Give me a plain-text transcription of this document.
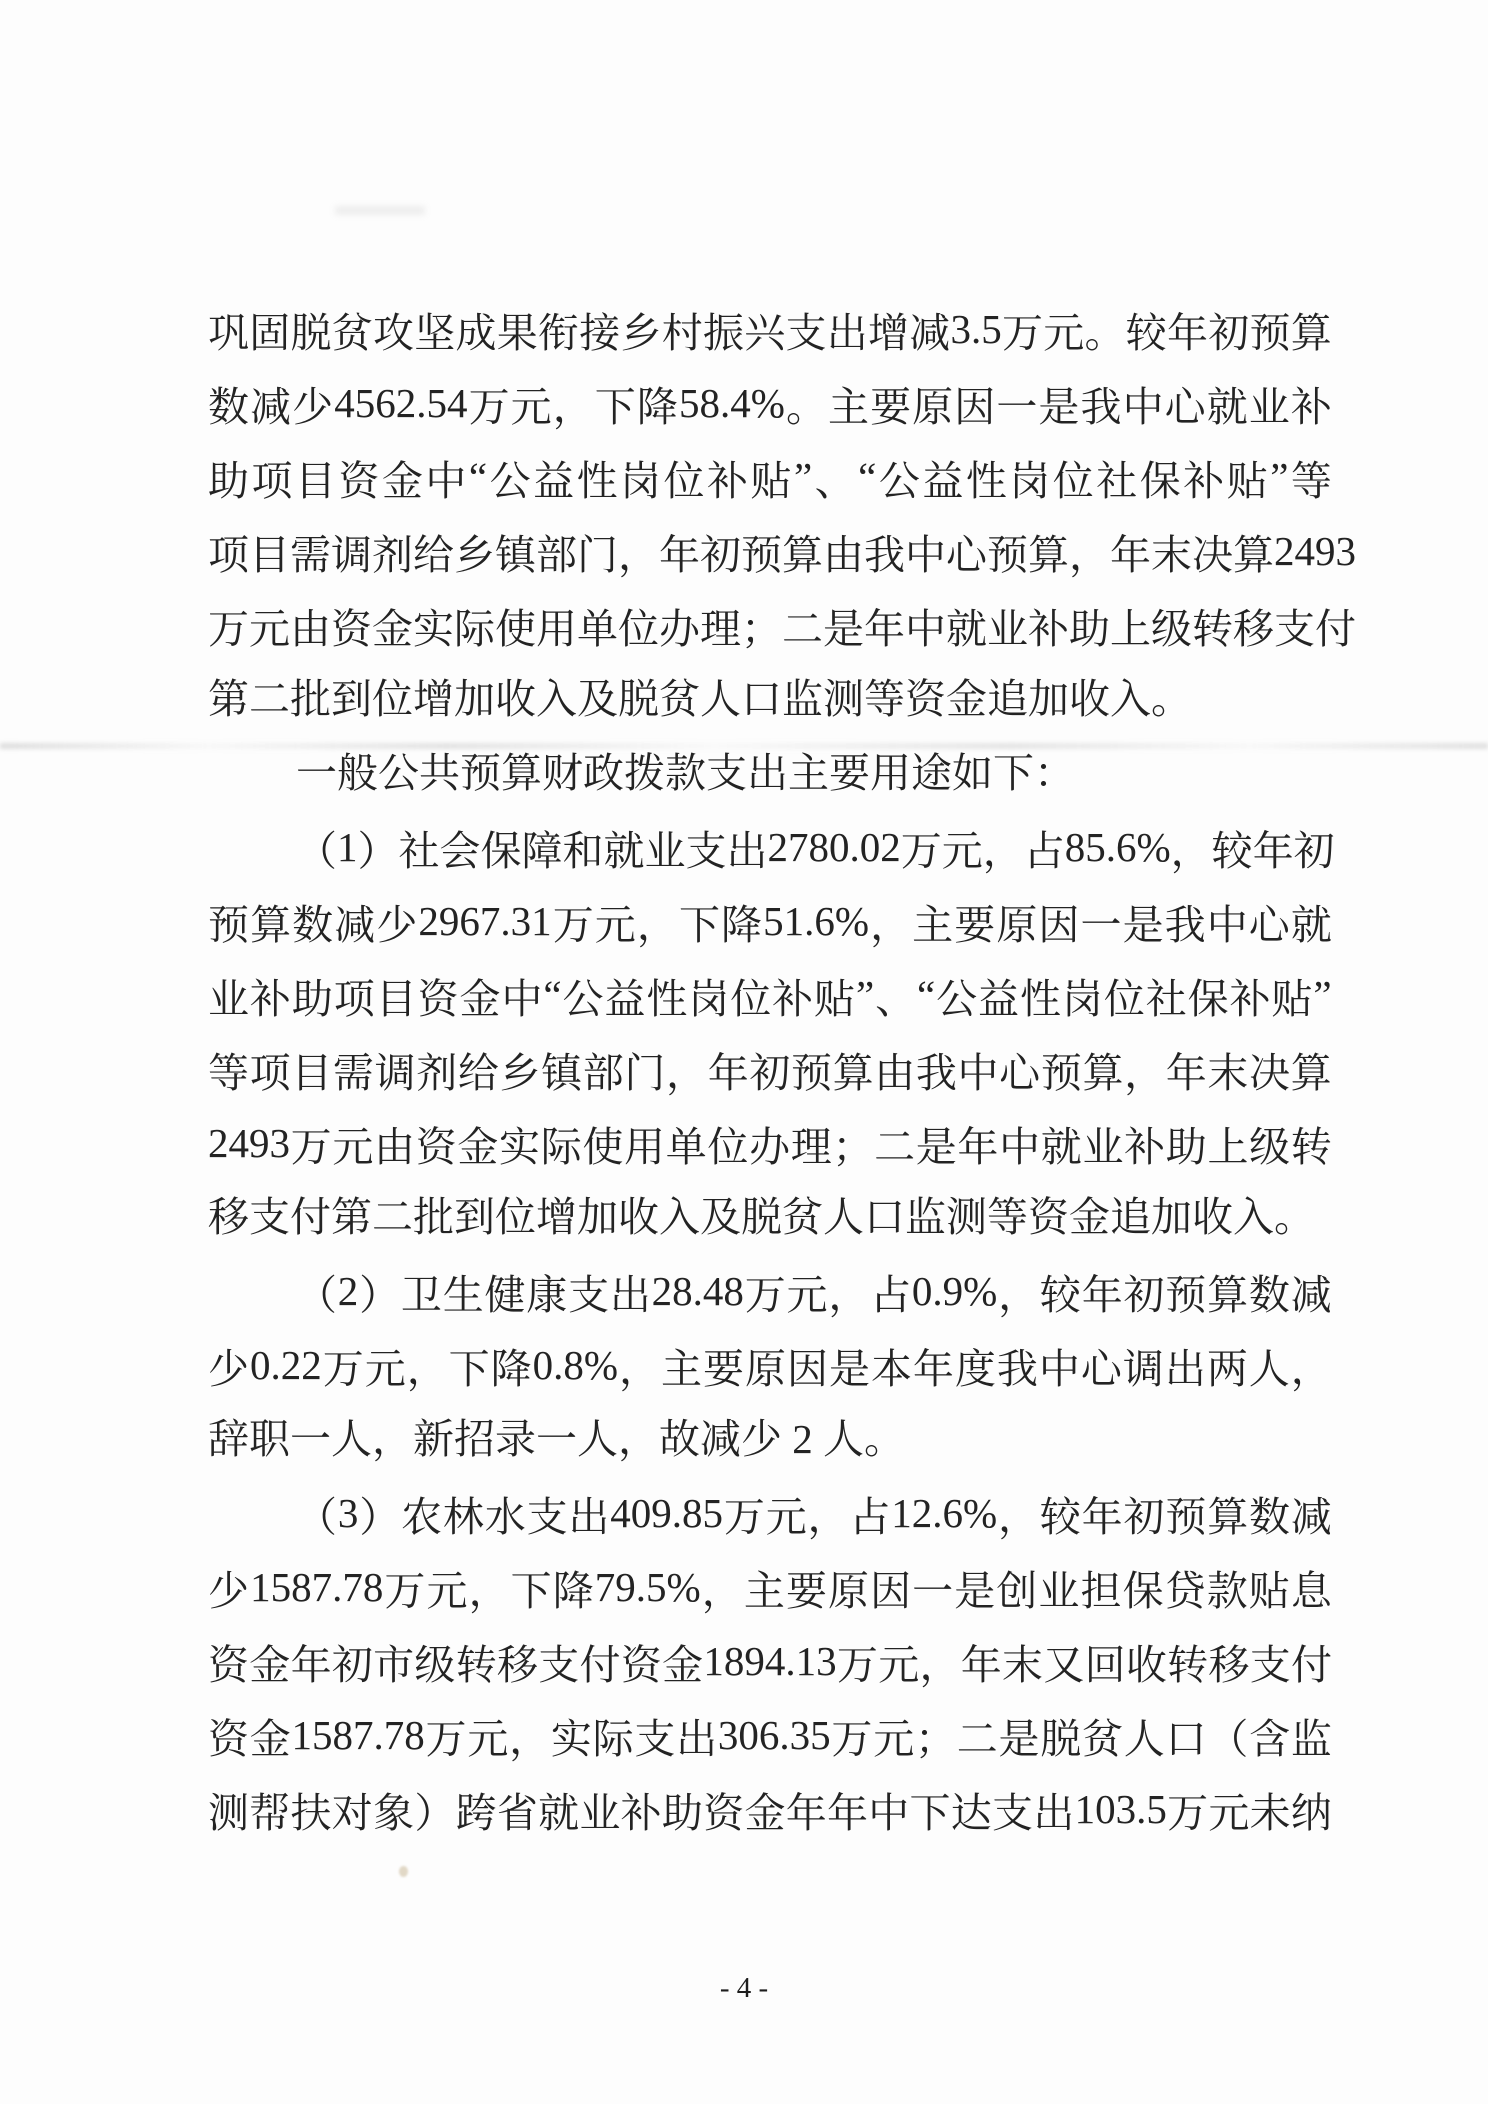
巩 固 脱 贫 攻 坚 成 果 衔 接 乡 村 振 兴 支 出 增 减 3.5 万 元 。 较 年 初 预 算
数 减 少 4562.54 万 元 ， 下 降 58.4% 。 主 要 原 因 一 是 我 中 心 就 业 补
助 项 目 资 金 中 “ 公 益 性 岗 位 补 贴 ” 、 “ 公 益 性 岗 位 社 保 补 贴 ” 等
项 目 需 调 剂 给 乡 镇 部 门 ， 年 初 预 算 由 我 中 心 预 算 ， 年 末 决 算 2493
万 元 由 资 金 实 际 使 用 单 位 办 理 ； 二 是 年 中 就 业 补 助 上 级 转 移 支 付
第二批到位增加收入及脱贫人口监测等资金追加收入。
一般公共预算财政拨款支出主要用途如下：
（ 1 ） 社 会 保 障 和 就 业 支 出 2780.02 万 元 ， 占 85.6% ， 较 年 初
预 算 数 减 少 2967.31 万 元 ， 下 降 51.6% ， 主 要 原 因 一 是 我 中 心 就
业 补 助 项 目 资 金 中 “ 公 益 性 岗 位 补 贴 ” 、 “ 公 益 性 岗 位 社 保 补 贴 ”
等 项 目 需 调 剂 给 乡 镇 部 门 ， 年 初 预 算 由 我 中 心 预 算 ， 年 末 决 算
2493 万 元 由 资 金 实 际 使 用 单 位 办 理 ； 二 是 年 中 就 业 补 助 上 级 转
移支付第二批到位增加收入及脱贫人口监测等资金追加收入。
（ 2 ） 卫 生 健 康 支 出 28.48 万 元 ， 占 0.9% ， 较 年 初 预 算 数 减
少 0.22 万 元 ， 下 降 0.8% ， 主 要 原 因 是 本 年 度 我 中 心 调 出 两 人 ，
辞职一人，新招录一人，故减少 2 人。
（ 3 ） 农 林 水 支 出 409.85 万 元 ， 占 12.6% ， 较 年 初 预 算 数 减
少 1587.78 万 元 ， 下 降 79.5% ， 主 要 原 因 一 是 创 业 担 保 贷 款 贴 息
资 金 年 初 市 级 转 移 支 付 资 金 1894.13 万 元 ， 年 末 又 回 收 转 移 支 付
资 金 1587.78 万 元 ， 实 际 支 出 306.35 万 元 ； 二 是 脱 贫 人 口 （ 含 监
测 帮 扶 对 象 ） 跨 省 就 业 补 助 资 金 年 年 中 下 达 支 出 103.5 万 元 未 纳
- 4 -
